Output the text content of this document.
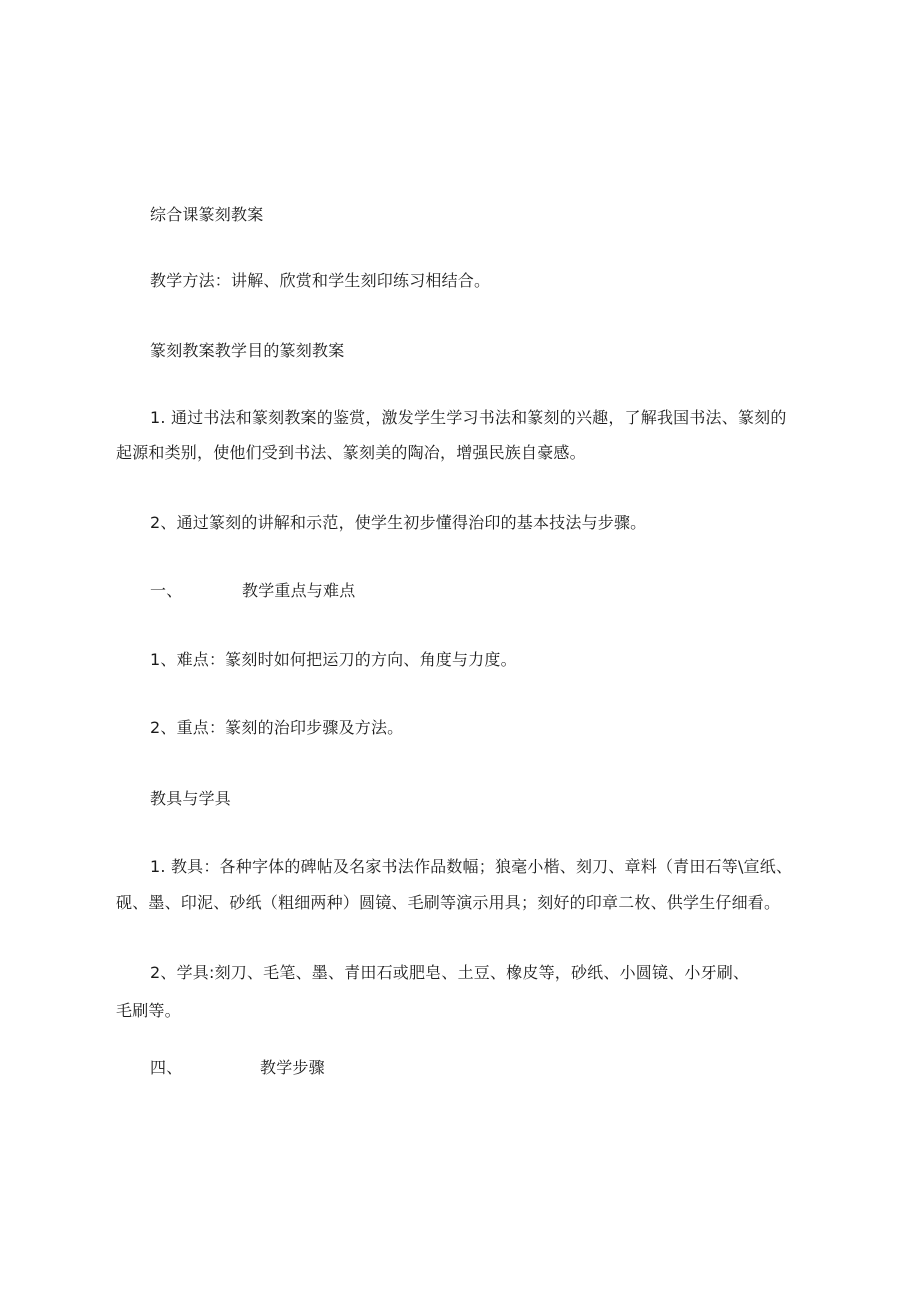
综合课篆刻教案
教学方法：讲解、欣赏和学生刻印练习相结合。
篆刻教案教学目的篆刻教案
1. 通过书法和篆刻教案的鉴赏，激发学生学习书法和篆刻的兴趣，了解我国书法、篆刻的
起源和类别，使他们受到书法、篆刻美的陶冶，增强民族自豪感。
2、通过篆刻的讲解和示范，使学生初步懂得治印的基本技法与步骤。
一、	教学重点与难点
1、难点：篆刻时如何把运刀的方向、角度与力度。
2、重点：篆刻的治印步骤及方法。
教具与学具
1. 教具：各种字体的碑帖及名家书法作品数幅；狼毫小楷、刻刀、章料（青田石等\宣纸、
砚、墨、印泥、砂纸（粗细两种）圆镜、毛刷等演示用具；刻好的印章二枚、供学生仔细看。
2、学具:刻刀、毛笔、墨、青田石或肥皂、土豆、橡皮等，砂纸、小圆镜、小牙刷、
毛刷等。
四、	教学步骤
